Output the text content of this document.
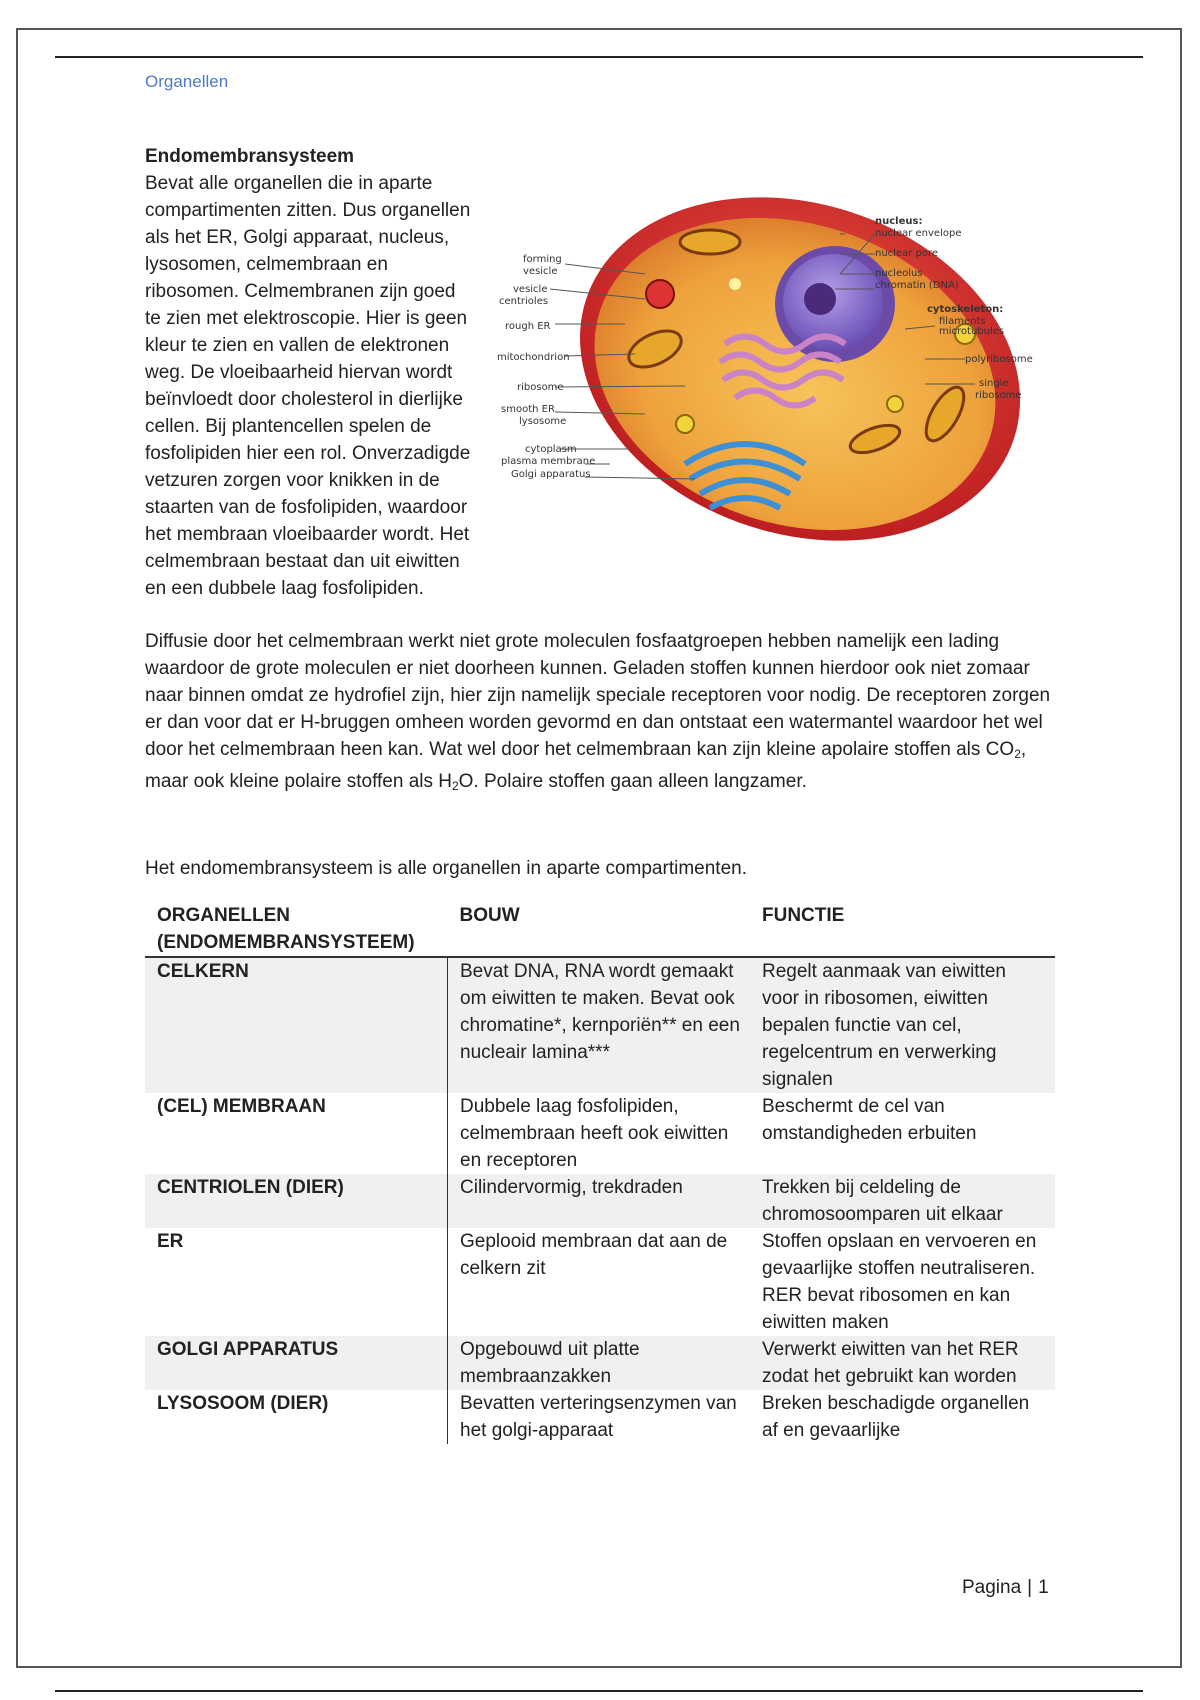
Organellen
Endomembransysteem
forming
vesicle
vesicle
centrioles
rough ER
mitochondrion
ribosome
smooth ER
lysosome
cytoplasm
plasma membrane
Golgi apparatus
nucleus:
nuclear envelope
nuclear pore
nucleolus
chromatin (DNA)
cytoskeleton:
filaments
microtubules
polyribosome
single
ribosome

Bevat alle organellen die in aparte compartimenten zitten. Dus organellen als het ER, Golgi apparaat, nucleus, lysosomen, celmembraan en ribosomen. Celmembranen zijn goed te zien met elektroscopie. Hier is geen kleur te zien en vallen de elektronen weg. De vloeibaarheid hiervan wordt beïnvloedt door cholesterol in dierlijke cellen. Bij plantencellen spelen de fosfolipiden hier een rol. Onverzadigde vetzuren zorgen voor knikken in de staarten van de fosfolipiden, waardoor het membraan vloeibaarder wordt. Het celmembraan bestaat dan uit eiwitten en een dubbele laag fosfolipiden.

Diffusie door het celmembraan werkt niet grote moleculen fosfaatgroepen hebben namelijk een lading waardoor de grote moleculen er niet doorheen kunnen. Geladen stoffen kunnen hierdoor ook niet zomaar naar binnen omdat ze hydrofiel zijn, hier zijn namelijk speciale receptoren voor nodig. De receptoren zorgen er dan voor dat er H-bruggen omheen worden gevormd en dan ontstaat een watermantel waardoor het wel door het celmembraan heen kan. Wat wel door het celmembraan kan zijn kleine apolaire stoffen als $CO_2$, maar ook kleine polaire stoffen als $H_2O$. Polaire stoffen gaan alleen langzamer.

Het endomembransysteem is alle organellen in aparte compartimenten.

ORGANELLEN (ENDOMEMBRANSYSTEEM)	BOUW	FUNCTIE
CELKERN	Bevat DNA, RNA wordt gemaakt om eiwitten te maken. Bevat ook chromatine*, kernporiën** en een nucleair lamina***	Regelt aanmaak van eiwitten voor in ribosomen, eiwitten bepalen functie van cel, regelcentrum en verwerking signalen
(CEL) MEMBRAAN	Dubbele laag fosfolipiden, celmembraan heeft ook eiwitten en receptoren	Beschermt de cel van omstandigheden erbuiten
CENTRIOLEN (DIER)	Cilindervormig, trekdraden	Trekken bij celdeling de chromosoomparen uit elkaar
ER	Geplooid membraan dat aan de celkern zit	Stoffen opslaan en vervoeren en gevaarlijke stoffen neutraliseren. RER bevat ribosomen en kan eiwitten maken
GOLGI APPARATUS	Opgebouwd uit platte membraanzakken	Verwerkt eiwitten van het RER zodat het gebruikt kan worden
LYSOSOOM (DIER)	Bevatten verteringsenzymen van het golgi-apparaat	Breken beschadigde organellen af en gevaarlijke
Pagina | 1
